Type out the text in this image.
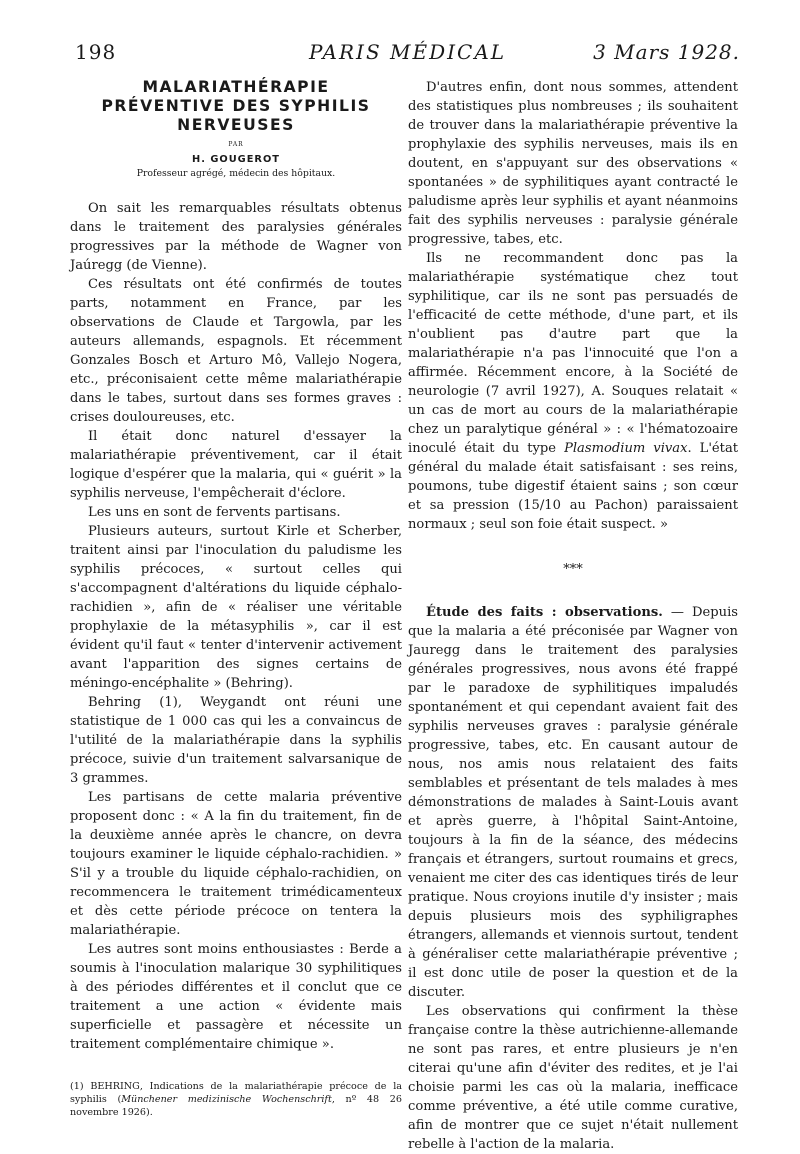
198	PARIS MÉDICAL	3 Mars 1928.
MALARIATHÉRAPIE
PRÉVENTIVE DES SYPHILIS
NERVEUSES
PAR
H. GOUGEROT
Professeur agrégé, médecin des hôpitaux.

On sait les remarquables résultats obtenus dans le traitement des paralysies générales progressives par la méthode de Wagner von Jaúregg (de Vienne).

Ces résultats ont été confirmés de toutes parts, notamment en France, par les observations de Claude et Targowla, par les auteurs allemands, espagnols. Et récemment Gonzales Bosch et Arturo Mô, Vallejo Nogera, etc., préconisaient cette même malariathérapie dans le tabes, surtout dans ses formes graves : crises douloureuses, etc.

Il était donc naturel d'essayer la malariathérapie préventivement, car il était logique d'espérer que la malaria, qui « guérit » la syphilis nerveuse, l'empêcherait d'éclore.

Les uns en sont de fervents partisans.

Plusieurs auteurs, surtout Kirle et Scherber, traitent ainsi par l'inoculation du paludisme les syphilis précoces, « surtout celles qui s'accompagnent d'altérations du liquide céphalo-rachidien », afin de « réaliser une véritable prophylaxie de la métasyphilis », car il est évident qu'il faut « tenter d'intervenir activement avant l'apparition des signes certains de méningo-encéphalite » (Behring).

Behring (1), Weygandt ont réuni une statistique de 1 000 cas qui les a convaincus de l'utilité de la malariathérapie dans la syphilis précoce, suivie d'un traitement salvarsanique de 3 grammes.

Les partisans de cette malaria préventive proposent donc : « A la fin du traitement, fin de la deuxième année après le chancre, on devra toujours examiner le liquide céphalo-rachidien. » S'il y a trouble du liquide céphalo-rachidien, on recommencera le traitement trimédicamenteux et dès cette période précoce on tentera la malariathérapie.

Les autres sont moins enthousiastes : Berde a soumis à l'inoculation malarique 30 syphilitiques à des périodes différentes et il conclut que ce traitement a une action « évidente mais superficielle et passagère et nécessite un traitement complémentaire chimique ».

(1) BEHRING, Indications de la malariathérapie précoce de la syphilis (Münchener medizinische Wochenschrift, nº 48 26 novembre 1926).

D'autres enfin, dont nous sommes, attendent des statistiques plus nombreuses ; ils souhaitent de trouver dans la malariathérapie préventive la prophylaxie des syphilis nerveuses, mais ils en doutent, en s'appuyant sur des observations « spontanées » de syphilitiques ayant contracté le paludisme après leur syphilis et ayant néanmoins fait des syphilis nerveuses : paralysie générale progressive, tabes, etc.

Ils ne recommandent donc pas la malariathérapie systématique chez tout syphilitique, car ils ne sont pas persuadés de l'efficacité de cette méthode, d'une part, et ils n'oublient pas d'autre part que la malariathérapie n'a pas l'innocuité que l'on a affirmée. Récemment encore, à la Société de neurologie (7 avril 1927), A. Souques relatait « un cas de mort au cours de la malariathérapie chez un paralytique général » : « l'hématozoaire inoculé était du type Plasmodium vivax. L'état général du malade était satisfaisant : ses reins, poumons, tube digestif étaient sains ; son cœur et sa pression (15/10 au Pachon) paraissaient normaux ; seul son foie était suspect. »

***

Étude des faits : observations. — Depuis que la malaria a été préconisée par Wagner von Jauregg dans le traitement des paralysies générales progressives, nous avons été frappé par le paradoxe de syphilitiques impaludés spontanément et qui cependant avaient fait des syphilis nerveuses graves : paralysie générale progressive, tabes, etc. En causant autour de nous, nos amis nous relataient des faits semblables et présentant de tels malades à mes démonstrations de malades à Saint-Louis avant et après guerre, à l'hôpital Saint-Antoine, toujours à la fin de la séance, des médecins français et étrangers, surtout roumains et grecs, venaient me citer des cas identiques tirés de leur pratique. Nous croyions inutile d'y insister ; mais depuis plusieurs mois des syphiligraphes étrangers, allemands et viennois surtout, tendent à généraliser cette malariathérapie préventive ; il est donc utile de poser la question et de la discuter.

Les observations qui confirment la thèse française contre la thèse autrichienne-allemande ne sont pas rares, et entre plusieurs je n'en citerai qu'une afin d'éviter des redites, et je l'ai choisie parmi les cas où la malaria, inefficace comme préventive, a été utile comme curative, afin de montrer que ce sujet n'était nullement rebelle à l'action de la malaria.
